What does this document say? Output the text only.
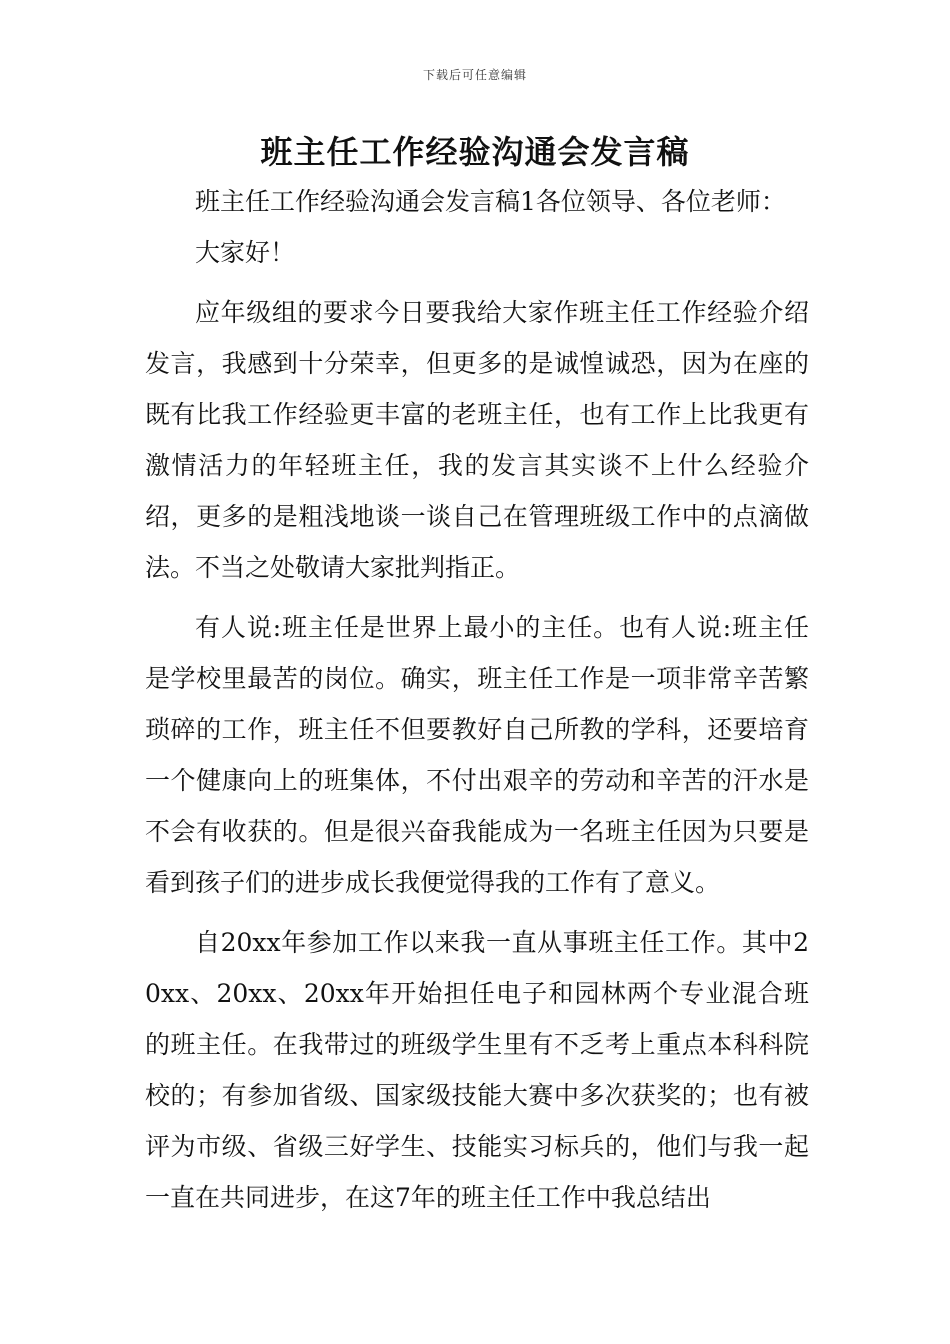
下载后可任意编辑
班主任工作经验沟通会发言稿

班主任工作经验沟通会发言稿1各位领导、各位老师：

大家好！

应年级组的要求今日要我给大家作班主任工作经验介绍发言，我感到十分荣幸，但更多的是诚惶诚恐，因为在座的既有比我工作经验更丰富的老班主任，也有工作上比我更有激情活力的年轻班主任，我的发言其实谈不上什么经验介绍，更多的是粗浅地谈一谈自己在管理班级工作中的点滴做法。不当之处敬请大家批判指正。

有人说:班主任是世界上最小的主任。也有人说:班主任是学校里最苦的岗位。确实，班主任工作是一项非常辛苦繁琐碎的工作，班主任不但要教好自己所教的学科，还要培育一个健康向上的班集体，不付出艰辛的劳动和辛苦的汗水是不会有收获的。但是很兴奋我能成为一名班主任因为只要是看到孩子们的进步成长我便觉得我的工作有了意义。

自20xx年参加工作以来我一直从事班主任工作。其中20xx、20xx、20xx年开始担任电子和园林两个专业混合班的班主任。在我带过的班级学生里有不乏考上重点本科科院校的；有参加省级、国家级技能大赛中多次获奖的；也有被评为市级、省级三好学生、技能实习标兵的，他们与我一起一直在共同进步，在这7年的班主任工作中我总结出
